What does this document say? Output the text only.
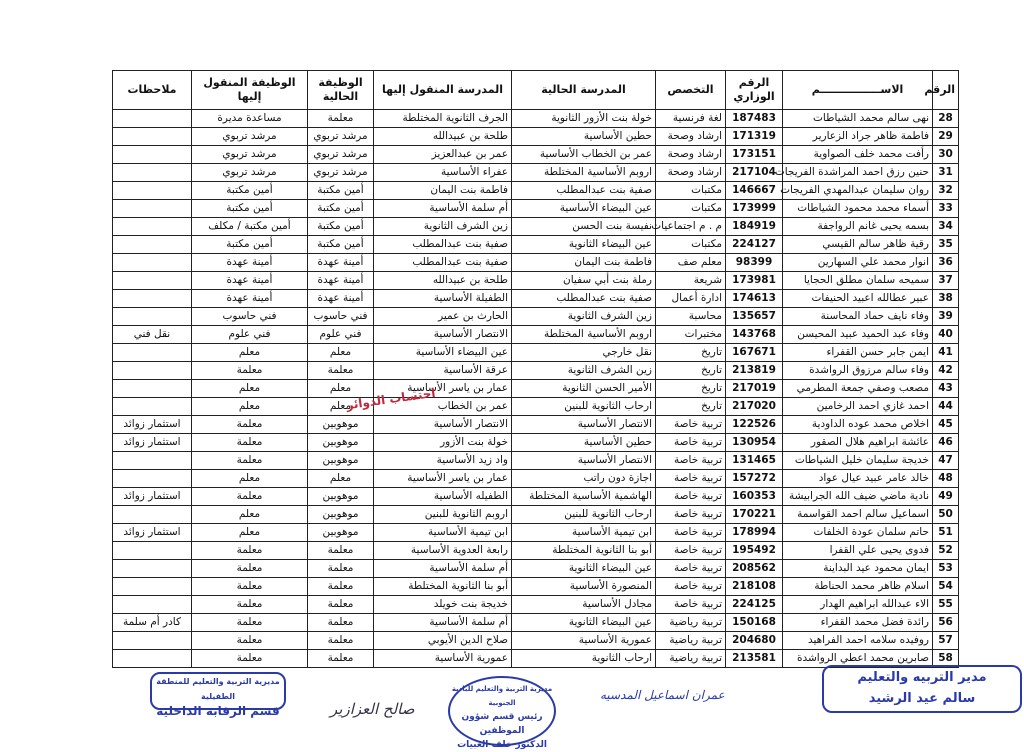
الرقم	الاســــــــــــــــم	الرقم الوزاري	التخصص	المدرسة الحالية	المدرسة المنقول إليها	الوظيفة الحالية	الوظيفة المنقول إليها	ملاحظات
28	نهى سالم محمد الشياطات	187483	لغة فرنسية	خولة بنت الأزور الثانوية	الجرف الثانوية المختلطة	معلمة	مساعدة مديرة	
29	فاطمة ظاهر جراد الزعارير	171319	ارشاد وصحة	حطين الأساسية	طلحة بن عبيدالله	مرشد تربوي	مرشد تربوي	
30	رأفت محمد خلف الصواوية	173151	ارشاد وصحة	عمر بن الخطاب الأساسية	عمر بن عبدالعزيز	مرشد تربوي	مرشد تربوي	
31	حنين رزق احمد المراشدة الفريجات	217104	ارشاد وصحة	اروبم الأساسية المختلطة	عفراء الأساسية	مرشد تربوي	مرشد تربوي	
32	روان سليمان عبدالمهدي الفريجات	146667	مكتبات	صفية بنت عبدالمطلب	فاطمة بنت اليمان	أمين مكتبة	أمين مكتبة	
33	أسماء محمد محمود الشياطات	173999	مكتبات	عين البيضاء الأساسية	أم سلمة الأساسية	أمين مكتبة	أمين مكتبة	
34	بسمه يحيى غانم الرواجفة	184919	م . م اجتماعيات	نفيسة بنت الحسن	زين الشرف الثانوية	أمين مكتبة	أمين مكتبة / مكلف	
35	رقية ظاهر سالم القيسي	224127	مكتبات	عين البيضاء الثانوية	صفية بنت عبدالمطلب	أمين مكتبة	أمين مكتبة	
36	انوار محمد علي السهارين	98399	معلم صف	فاطمة بنت اليمان	صفية بنت عبدالمطلب	أمينة عهدة	أمينة عهدة	
37	سميحه سلمان مطلق الحجايا	173981	شريعة	رملة بنت أبي سفيان	طلحة بن عبيدالله	أمينة عهدة	أمينة عهدة	
38	عبير عطالله اعبيد الحنيفات	174613	ادارة أعمال	صفية بنت عبدالمطلب	الطفيلة الأساسية	أمينة عهدة	أمينة عهدة	
39	وفاء نايف حماد المحاسنة	135657	محاسبة	زين الشرف الثانوية	الحارث بن عمير	فني حاسوب	فني حاسوب	
40	وفاء عبد الحميد عبيد المحيسن	143768	مختبرات	اروبم الأساسية المختلطة	الانتصار الأساسية	فني علوم	فني علوم	نقل فني
41	ايمن جابر حسن القفراء	167671	تاريخ	نقل خارجي	عين البيضاء الأساسية	معلم	معلم	
42	وفاء سالم مرزوق الرواشدة	213819	تاريخ	زين الشرف الثانوية	عرقة الأساسية	معلمة	معلمة	
43	مصعب وصفي جمعة المطرمي	217019	تاريخ	الأمير الحسن الثانوية	عمار بن ياسر الأساسية	معلم	معلم	
44	احمد غازي احمد الرخامين	217020	تاريخ	ارحاب الثانوية للبنين	عمر بن الخطاب	معلم	معلم	
45	اخلاص محمد عوده الداودية	122526	تربية خاصة	الانتصار الأساسية	الانتصار الأساسية	موهوبين	معلمة	استثمار زوائد
46	عائشة ابراهيم هلال الصقور	130954	تربية خاصة	حطين الأساسية	خولة بنت الأزور	موهوبين	معلمة	استثمار زوائد
47	خديجة سليمان خليل الشياطات	131465	تربية خاصة	الانتصار الأساسية	واد زيد الأساسية	موهوبين	معلمة	
48	خالد عامر عبيد عيال عواد	157272	تربية خاصة	اجازة دون راتب	عمار بن ياسر الأساسية	معلم	معلم	
49	نادية ماضي ضيف الله الجرابيشة	160353	تربية خاصة	الهاشمية الأساسية المختلطة	الطفيله الأساسية	موهوبين	معلمة	استثمار زوائد
50	اسماعيل سالم احمد القواسمة	170221	تربية خاصة	ارحاب الثانوية للبنين	اروبم الثانوية للبنين	موهوبين	معلم	
51	حاتم سلمان عودة الخلفات	178994	تربية خاصة	ابن تيمية الأساسية	ابن تيمية الأساسية	موهوبين	معلم	استثمار زوائد
52	فدوى يحيى علي القفرا	195492	تربية خاصة	أبو بنا الثانوية المختلطة	رابعة العدوية الأساسية	معلمة	معلمة	
53	ايمان محمود عيد البداينة	208562	تربية خاصة	عين البيضاء الثانوية	أم سلمة الأساسية	معلمة	معلمة	
54	اسلام ظاهر محمد الحناطة	218108	تربية خاصة	المنصورة الأساسية	أبو بنا الثانوية المختلطة	معلمة	معلمة	
55	الاء عبدالله ابراهيم الهدار	224125	تربية خاصة	مجادل الأساسية	خديجة بنت خويلد	معلمة	معلمة	
56	رائدة فضل محمد القفراء	150168	تربية رياضية	عين البيضاء الثانوية	أم سلمة الأساسية	معلمة	معلمة	كادر أم سلمة
57	روفيده سلامه احمد الفراهيد	204680	تربية رياضية	عمورية الأساسية	صلاح الدين الأيوبي	معلمة	معلمة	
58	صابرين محمد اعطي الرواشدة	213581	تربية رياضية	ارحاب الثانوية	عمورية الأساسية	معلمة	معلمة	
مديرية التربية والتعليم للمنطقة الطفيلية
قسم الرقابة الداخلية
مديرية التربية والتعليم للبادية الجنوبية
رئيس قسم شؤون الموظفين
الدكتور خلف العبيات
مدير التربيه والتعليم
سالم عيد الرشيد
عمران اسماعيل المدسيه
صالح العزازير
احتساب الدوائر
